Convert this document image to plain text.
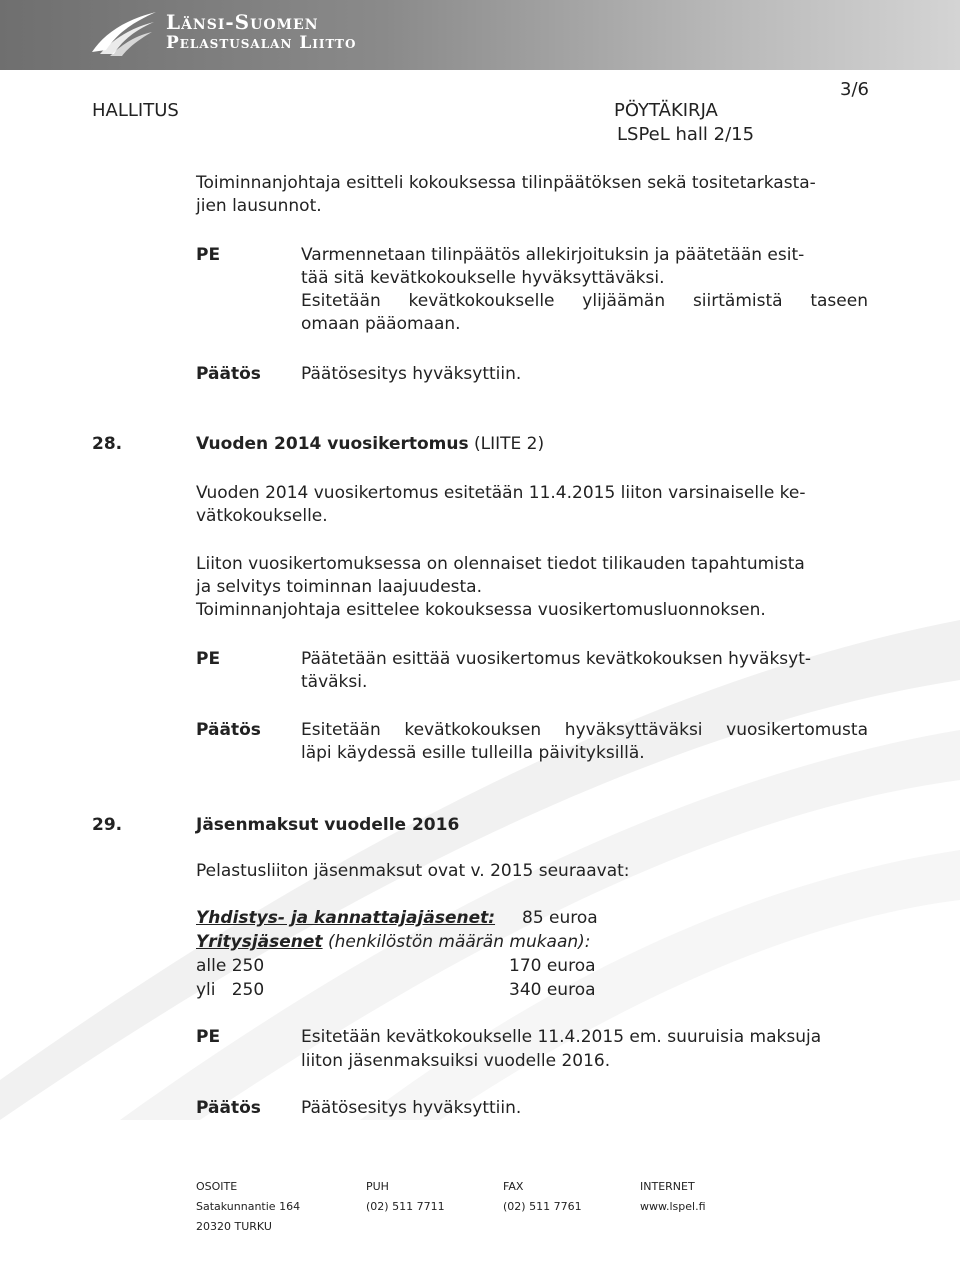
Länsi-Suomen
Pelastusalan Liitto
3/6
HALLITUS	PÖYTÄKIRJA
LSPeL hall 2/15
Toiminnanjohtaja esitteli kokouksessa tilinpäätöksen sekä tositetarkasta-
jien lausunnot.
PE	Varmennetaan tilinpäätös allekirjoituksin ja päätetään esit-
tää sitä kevätkokoukselle hyväksyttäväksi.
Esitetään kevätkokoukselle ylijäämän siirtämistä taseen
omaan pääomaan.
Päätös Päätösesitys hyväksyttiin.
28.	Vuoden 2014 vuosikertomus (LIITE 2)
Vuoden 2014 vuosikertomus esitetään 11.4.2015 liiton varsinaiselle ke-
vätkokoukselle.
Liiton vuosikertomuksessa on olennaiset tiedot tilikauden tapahtumista
ja selvitys toiminnan laajuudesta.
Toiminnanjohtaja esittelee kokouksessa vuosikertomusluonnoksen.
PE	Päätetään esittää vuosikertomus kevätkokouksen hyväksyt-
täväksi.
Päätös Esitetään kevätkokouksen hyväksyttäväksi vuosikertomusta
läpi käydessä esille tulleilla päivityksillä.
29.	Jäsenmaksut vuodelle 2016
Pelastusliiton jäsenmaksut ovat v. 2015 seuraavat:
Yhdistys- ja kannattajajäsenet: 85 euroa
Yritysjäsenet (henkilöstön määrän mukaan):
alle 250	170 euroa
yli   250	340 euroa
PE	Esitetään kevätkokoukselle 11.4.2015 em. suuruisia maksuja
liiton jäsenmaksuiksi vuodelle 2016.
Päätös Päätösesitys hyväksyttiin.
OSOITE	PUH	FAX	INTERNET
Satakunnantie 164	(02) 511 7711	(02) 511 7761	www.lspel.fi
20320 TURKU
